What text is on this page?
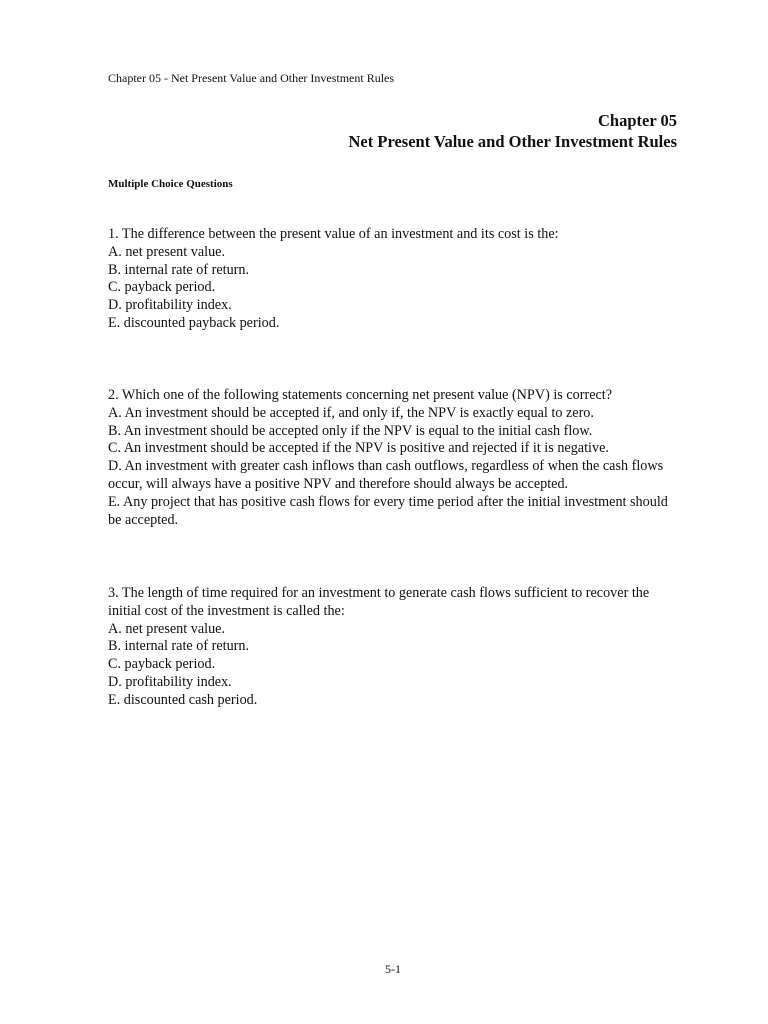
Chapter 05 - Net Present Value and Other Investment Rules
Chapter 05
Net Present Value and Other Investment Rules
Multiple Choice Questions

1. The difference between the present value of an investment and its cost is the:

A. net present value.

B. internal rate of return.

C. payback period.

D. profitability index.

E. discounted payback period.

2. Which one of the following statements concerning net present value (NPV) is correct?

A. An investment should be accepted if, and only if, the NPV is exactly equal to zero.

B. An investment should be accepted only if the NPV is equal to the initial cash flow.

C. An investment should be accepted if the NPV is positive and rejected if it is negative.

D. An investment with greater cash inflows than cash outflows, regardless of when the cash flows occur, will always have a positive NPV and therefore should always be accepted.

E. Any project that has positive cash flows for every time period after the initial investment should be accepted.

3. The length of time required for an investment to generate cash flows sufficient to recover the initial cost of the investment is called the:

A. net present value.

B. internal rate of return.

C. payback period.

D. profitability index.

E. discounted cash period.

5-1
